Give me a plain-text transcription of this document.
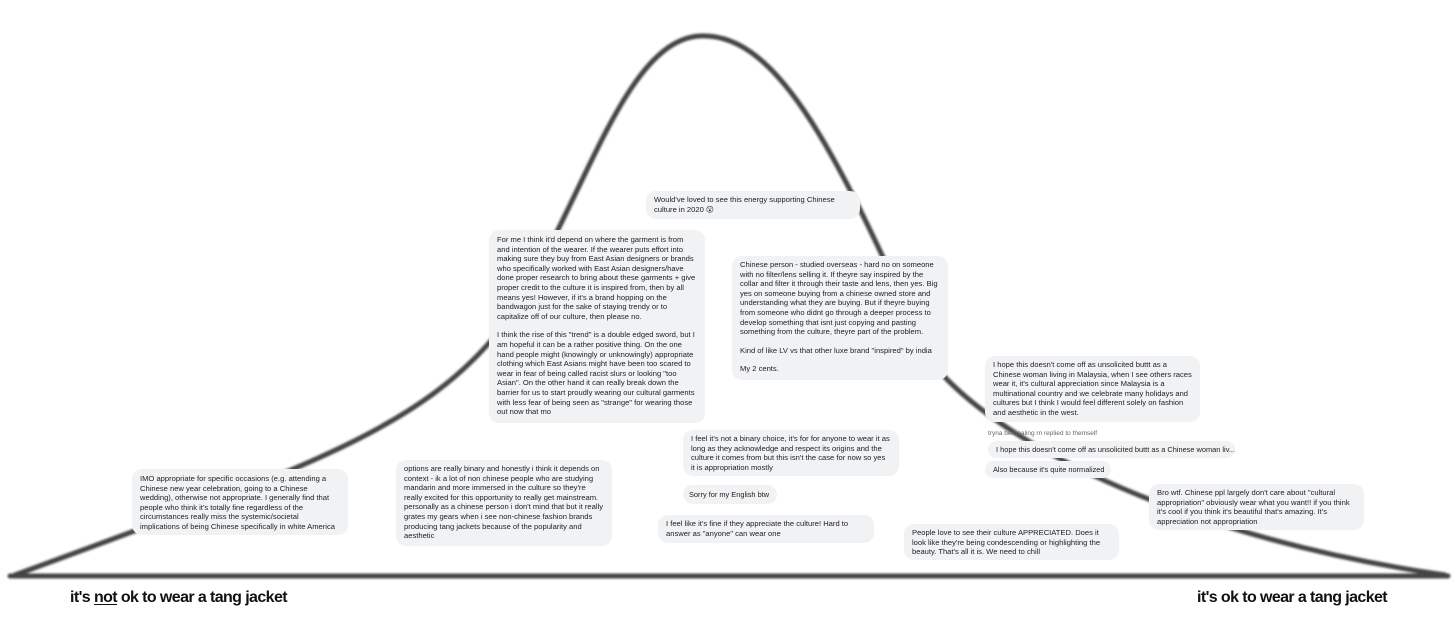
Would've loved to see this energy supporting Chinese culture in 2020 😮

For me I think it'd depend on where the garment is from and intention of the wearer. If the wearer puts effort into making sure they buy from East Asian designers or brands who specifically worked with East Asian designers/have done proper research to bring about these garments + give proper credit to the culture it is inspired from, then by all means yes! However, if it's a brand hopping on the bandwagon just for the sake of staying trendy or to capitalize off of our culture, then please no.

I think the rise of this "trend" is a double edged sword, but I am hopeful it can be a rather positive thing. On the one hand people might (knowingly or unknowingly) appropriate clothing which East Asians might have been too scared to wear in fear of being called racist slurs or looking "too Asian". On the other hand it can really break down the barrier for us to start proudly wearing our cultural garments with less fear of being seen as "strange" for wearing those out now that mo

Chinese person - studied overseas - hard no on someone with no filter/lens selling it. If theyre say inspired by the collar and filter it through their taste and lens, then yes. Big yes on someone buying from a chinese owned store and understanding what they are buying. But if theyre buying from someone who didnt go through a deeper process to develop something that isnt just copying and pasting something from the culture, theyre part of the problem.

Kind of like LV vs that other luxe brand "inspired" by india

My 2 cents.	I hope this doesn't come off as unsolicited buttt as a Chinese woman living in Malaysia, when I see others races wear it, it's cultural appreciation since Malaysia is a multinational country and we celebrate many holidays and cultures but I think I would feel different solely on fashion and aesthetic in the west.

tryna berhealing rn replied to themself
I hope this doesn't come off as unsolicited buttt as a Chinese woman liv...
Also because it's quite normalized

IMO appropriate for specific occasions (e.g. attending a Chinese new year celebration, going to a Chinese wedding), otherwise not appropriate. I generally find that people who think it's totally fine regardless of the circumstances really miss the systemic/societal implications of being Chinese specifically in white America

options are really binary and honestly i think it depends on context - ik a lot of non chinese people who are studying mandarin and more immersed in the culture so they're really excited for this opportunity to really get mainstream. personally as a chinese person i don't mind that but it really grates my gears when i see non-chinese fashion brands producing tang jackets because of the popularity and aesthetic

I feel it's not a binary choice, it's for for anyone to wear it as long as they acknowledge and respect its origins and the culture it comes from but this isn't the case for now so yes it is appropriation mostly

Sorry for my English btw

I feel like it's fine if they appreciate the culture! Hard to answer as "anyone" can wear one	People love to see their culture APPRECIATED. Does it look like they're being condescending or highlighting the beauty. That's all it is. We need to chill

Bro wtf. Chinese ppl largely don't care about "cultural appropriation" obviously wear what you want!! if you think it's cool if you think it's beautiful that's amazing. It's appreciation not appropriation

it's not ok to wear a tang jacket	it's ok to wear a tang jacket
